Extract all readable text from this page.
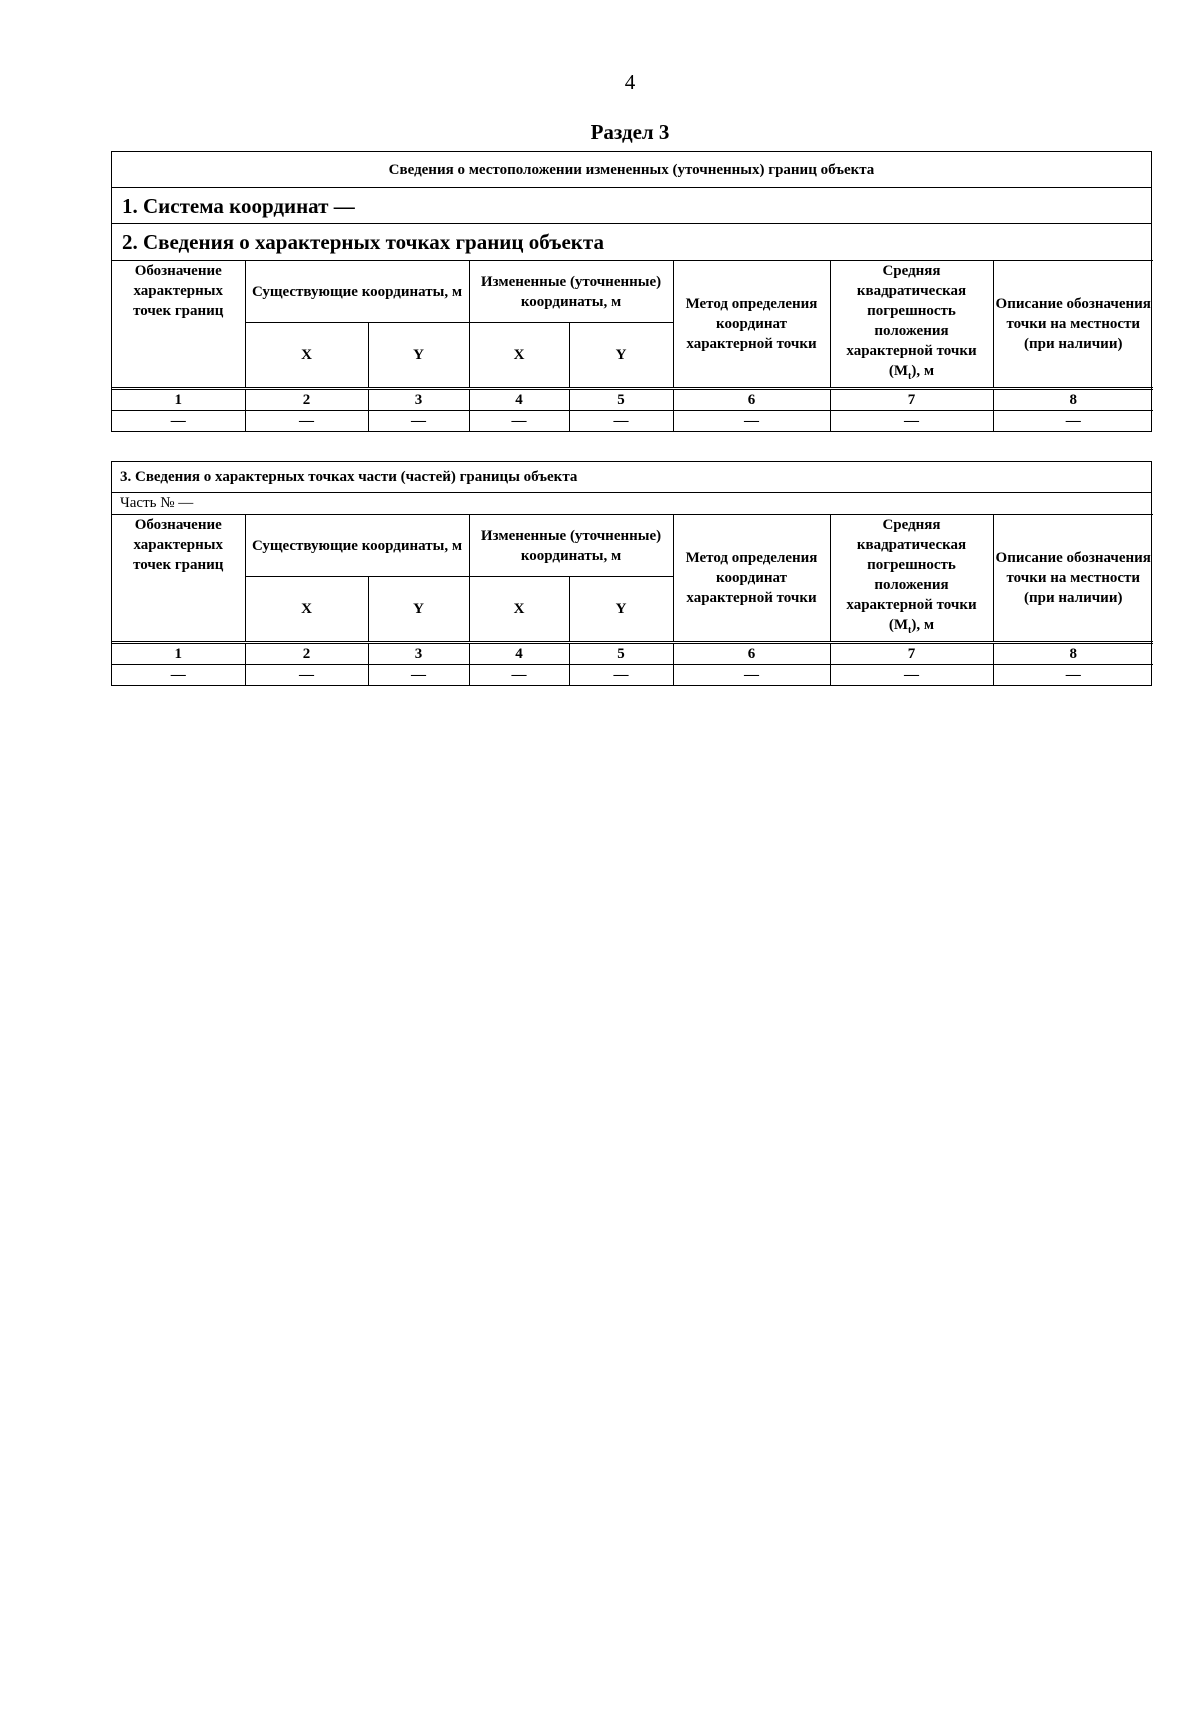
4
Раздел 3
Сведения о местоположении измененных (уточненных) границ объекта
1. Система координат —
2. Сведения о характерных точках границ объекта
Обозначение характерных точек границ	Существующие координаты, м		Измененные (уточненные) координаты, м		Метод определения координат характерной точки	Средняя квадратическая погрешность положения характерной точки $(M_t)$, м	Описание обозначения точки на местности (при наличии)
	X	Y	X	Y			
1	2	3	4	5	6	7	8
—	—	—	—	—	—	—	—
3. Сведения о характерных точках части (частей) границы объекта
Часть № —
Обозначение характерных точек границ	Существующие координаты, м		Измененные (уточненные) координаты, м		Метод определения координат характерной точки	Средняя квадратическая погрешность положения характерной точки $(M_t)$, м	Описание обозначения точки на местности (при наличии)
	X	Y	X	Y			
1	2	3	4	5	6	7	8
—	—	—	—	—	—	—	—
